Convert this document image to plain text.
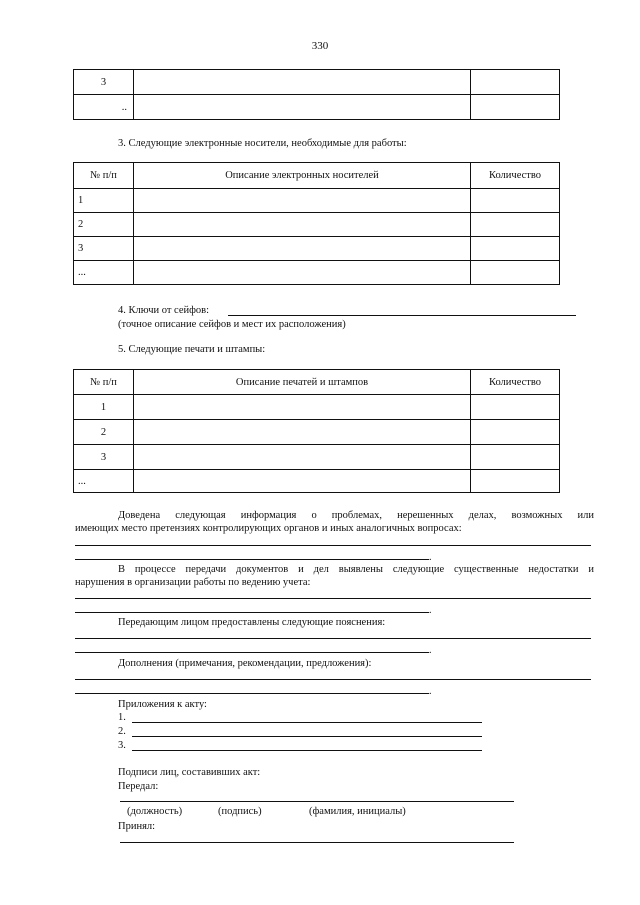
330
3		
..		
3. Следующие электронные носители, необходимые для работы:
№ п/п	Описание электронных носителей	Количество
1		
2		
3		
...		
4. Ключи от сейфов:
(точное описание сейфов и мест их расположения)
5. Следующие печати и штампы:
№ п/п	Описание печатей и штампов	Количество
1		
2		
3		
...		
Доведена следующая информация о проблемах, нерешенных делах, возможных или
имеющих место претензиях контролирующих органов и иных аналогичных вопросах:
.
В процессе передачи документов и дел выявлены следующие существенные недостатки и
нарушения в организации работы по ведению учета:
.
Передающим лицом предоставлены следующие пояснения:
.
Дополнения (примечания, рекомендации, предложения):
.
Приложения к акту:
1.
2.
3.
Подписи лиц, составивших акт:
Передал:
(должность)	(подпись)	(фамилия, инициалы)
Принял:
